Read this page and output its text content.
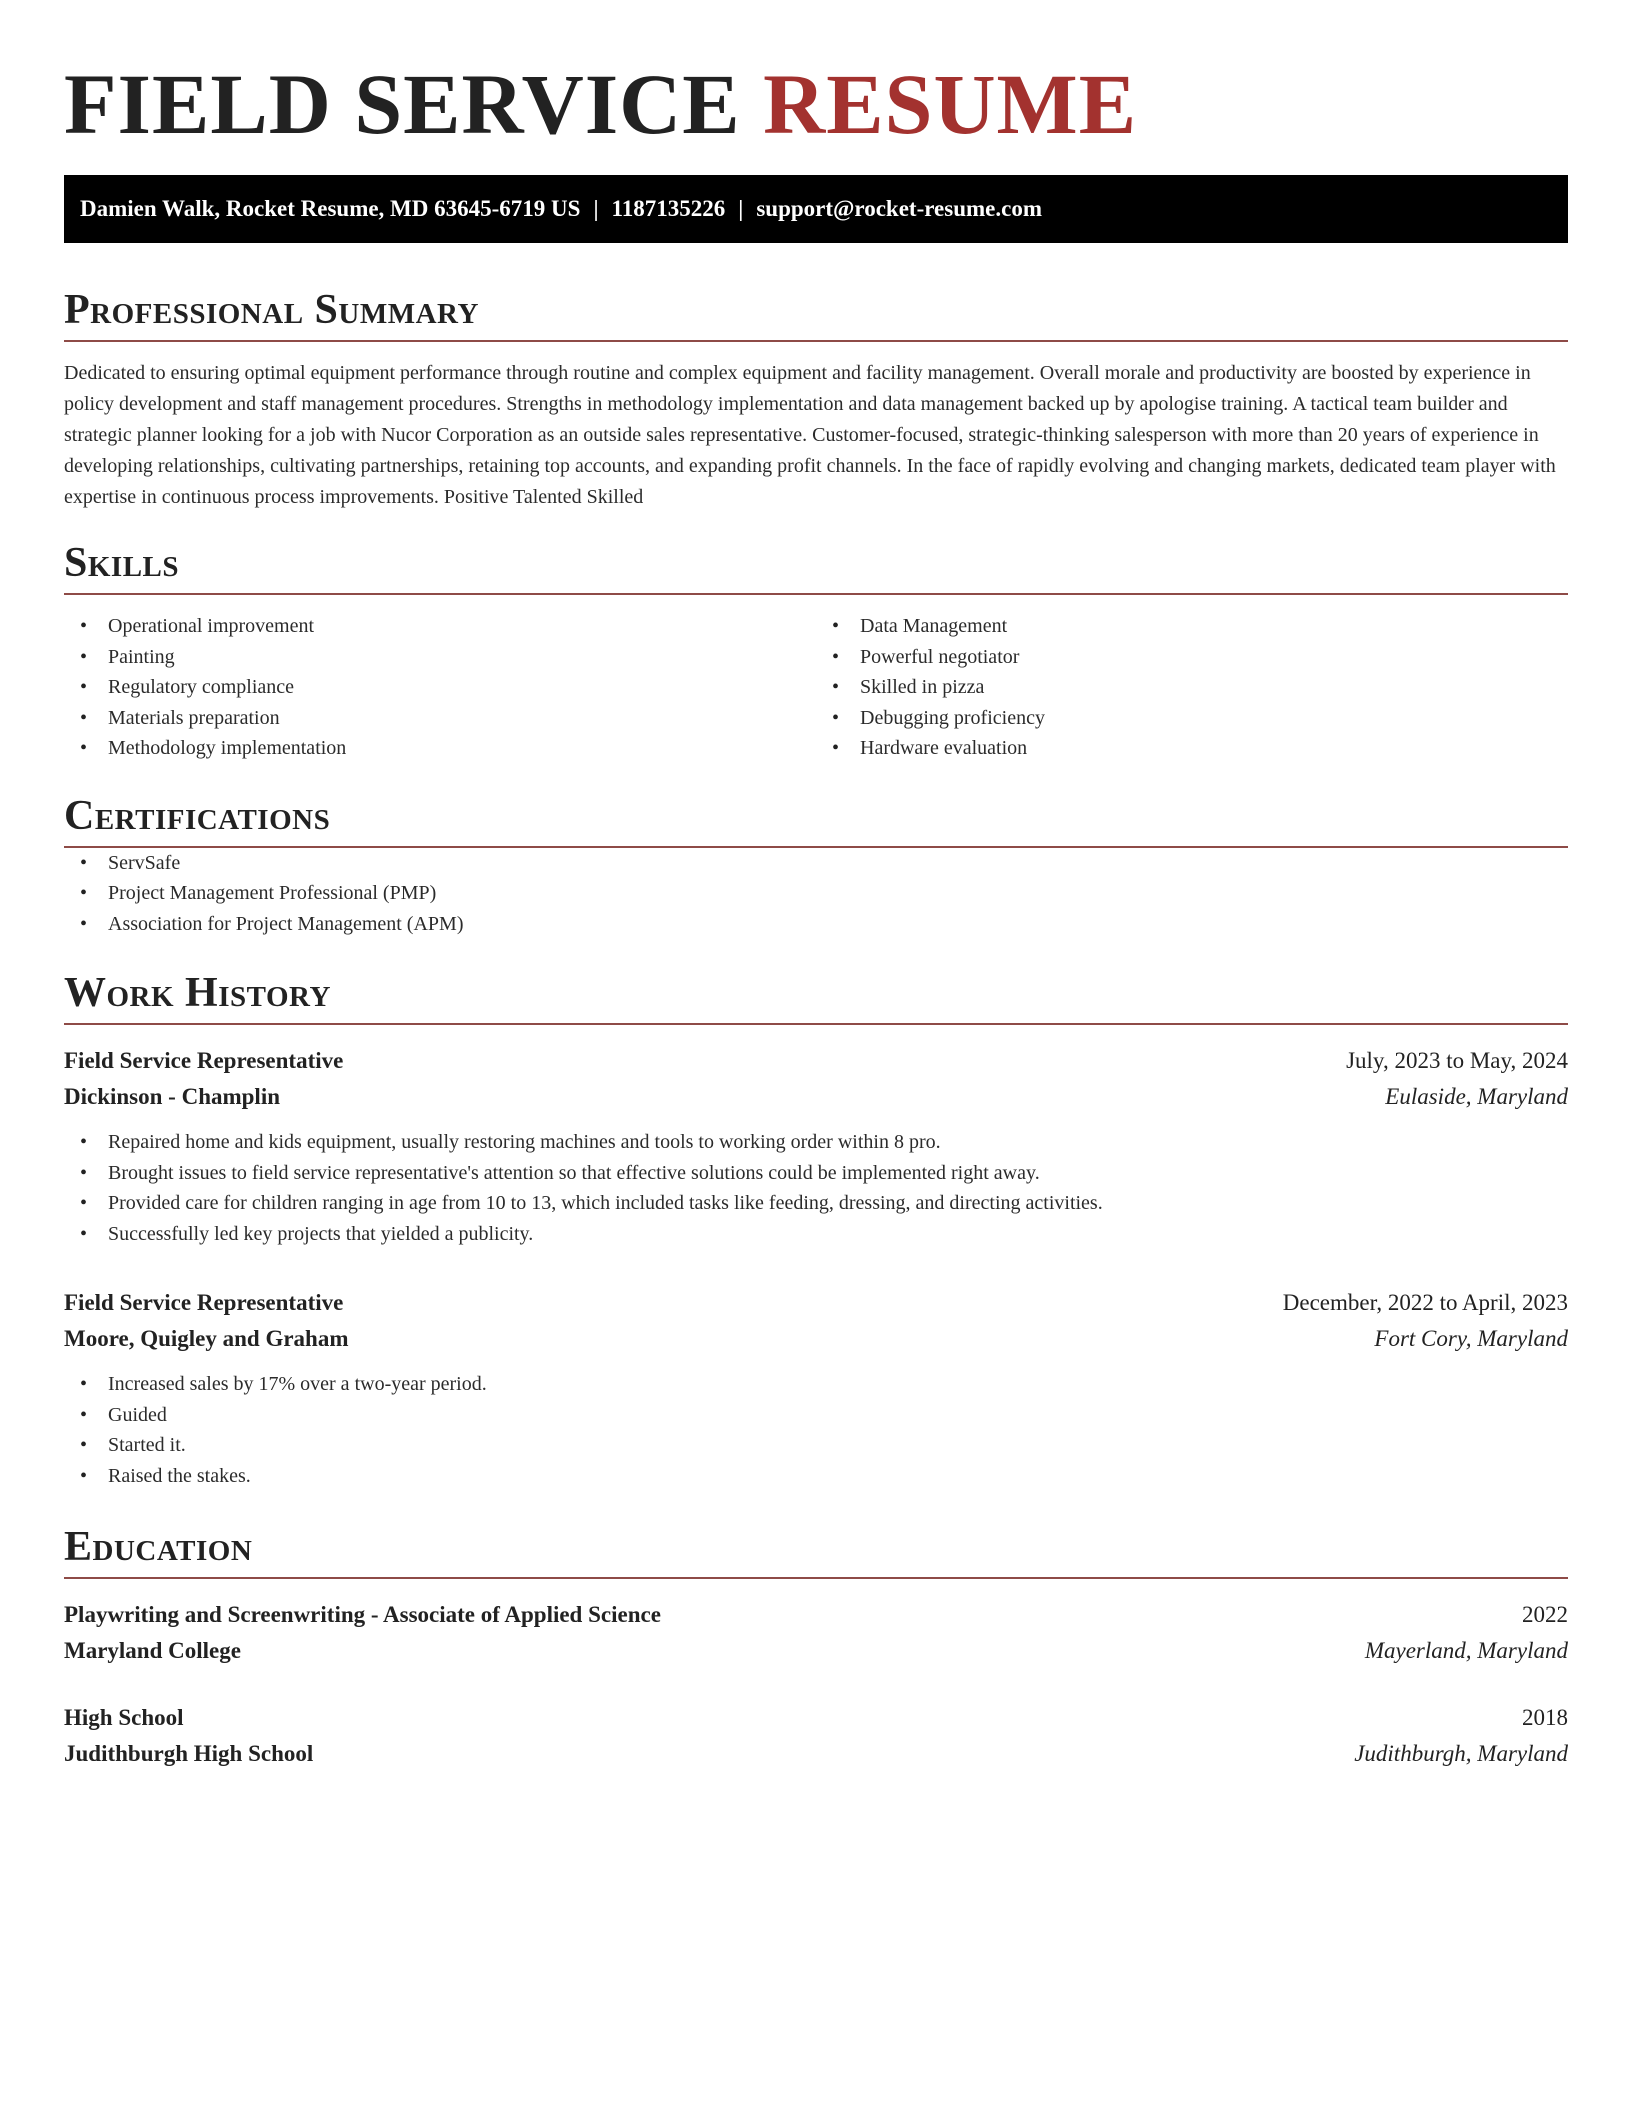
FIELD SERVICE RESUME
Damien Walk, Rocket Resume, MD 63645-6719 US | 1187135226 | support@rocket-resume.com
Professional Summary

Dedicated to ensuring optimal equipment performance through routine and complex equipment and facility management. Overall morale and productivity are boosted by experience in policy development and staff management procedures. Strengths in methodology implementation and data management backed up by apologise training. A tactical team builder and strategic planner looking for a job with Nucor Corporation as an outside sales representative. Customer-focused, strategic-thinking salesperson with more than 20 years of experience in developing relationships, cultivating partnerships, retaining top accounts, and expanding profit channels. In the face of rapidly evolving and changing markets, dedicated team player with expertise in continuous process improvements. Positive Talented Skilled

Skills
• Operational improvement
• Painting
• Regulatory compliance
• Materials preparation
• Methodology implementation
• Data Management
• Powerful negotiator
• Skilled in pizza
• Debugging proficiency
• Hardware evaluation
Certifications
• ServSafe
• Project Management Professional (PMP)
• Association for Project Management (APM)
Work History
Field Service Representative	July, 2023 to May, 2024
Dickinson - Champlin	Eulaside, Maryland
• Repaired home and kids equipment, usually restoring machines and tools to working order within 8 pro.
• Brought issues to field service representative's attention so that effective solutions could be implemented right away.
• Provided care for children ranging in age from 10 to 13, which included tasks like feeding, dressing, and directing activities.
• Successfully led key projects that yielded a publicity.
Field Service Representative	December, 2022 to April, 2023
Moore, Quigley and Graham	Fort Cory, Maryland
• Increased sales by 17% over a two-year period.
• Guided
• Started it.
• Raised the stakes.
Education
Playwriting and Screenwriting - Associate of Applied Science	2022
Maryland College	Mayerland, Maryland
High School	2018
Judithburgh High School	Judithburgh, Maryland
